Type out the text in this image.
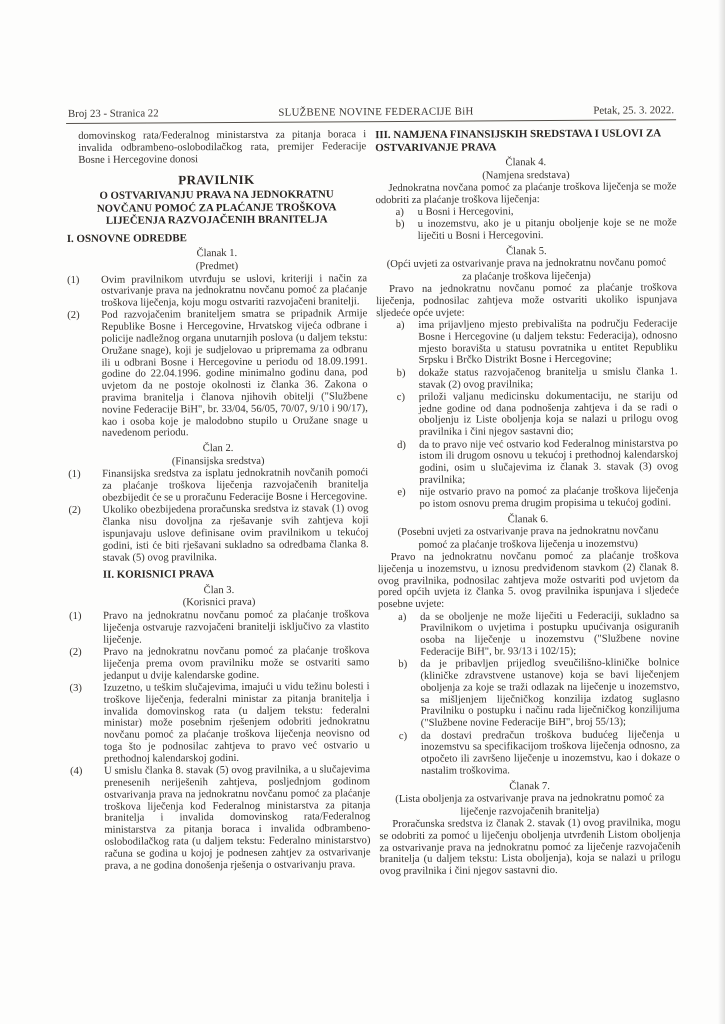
Broj 23 - Stranica 22	SLUŽBENE NOVINE FEDERACIJE BiH	Petak, 25. 3. 2022.
domovinskog rata/Federalnog ministarstva za pitanja boraca i invalida odbrambeno-oslobodilačkog rata, premijer Federacije Bosne i Hercegovine donosi
PRAVILNIK
O OSTVARIVANJU PRAVA NA JEDNOKRATNU NOVČANU POMOĆ ZA PLAĆANJE TROŠKOVA LIJEČENJA RAZVOJAČENIH BRANITELJA
I. OSNOVNE ODREDBE
Članak 1.
(Predmet)
(1)	Ovim pravilnikom utvrđuju se uslovi, kriteriji i način za ostvarivanje prava na jednokratnu novčanu pomoć za plaćanje troškova liječenja, koju mogu ostvariti razvojačeni branitelji.
(2)	Pod razvojačenim braniteljem smatra se pripadnik Armije Republike Bosne i Hercegovine, Hrvatskog vijeća odbrane i policije nadležnog organa unutarnjih poslova (u daljem tekstu: Oružane snage), koji je sudjelovao u pripremama za odbranu ili u odbrani Bosne i Hercegovine u periodu od 18.09.1991. godine do 22.04.1996. godine minimalno godinu dana, pod uvjetom da ne postoje okolnosti iz članka 36. Zakona o pravima branitelja i članova njihovih obitelji ("Službene novine Federacije BiH", br. 33/04, 56/05, 70/07, 9/10 i 90/17), kao i osoba koje je malodobno stupilo u Oružane snage u navedenom periodu.
Član 2.
(Finansijska sredstva)
(1)	Finansijska sredstva za isplatu jednokratnih novčanih pomoći za plaćanje troškova liječenja razvojačenih branitelja obezbijedit će se u proračunu Federacije Bosne i Hercegovine.
(2)	Ukoliko obezbijedena proračunska sredstva iz stavak (1) ovog članka nisu dovoljna za rješavanje svih zahtjeva koji ispunjavaju uslove definisane ovim pravilnikom u tekućoj godini, isti će biti rješavani sukladno sa odredbama članka 8. stavak (5) ovog pravilnika.
II. KORISNICI PRAVA
Član 3.
(Korisnici prava)
(1)	Pravo na jednokratnu novčanu pomoć za plaćanje troškova liječenja ostvaruje razvojačeni branitelji isključivo za vlastito liječenje.
(2)	Pravo na jednokratnu novčanu pomoć za plaćanje troškova liječenja prema ovom pravilniku može se ostvariti samo jedanput u dvije kalendarske godine.
(3)	Izuzetno, u teškim slučajevima, imajući u vidu težinu bolesti i troškove liječenja, federalni ministar za pitanja branitelja i invalida domovinskog rata (u daljem tekstu: federalni ministar) može posebnim rješenjem odobriti jednokratnu novčanu pomoć za plaćanje troškova liječenja neovisno od toga što je podnosilac zahtjeva to pravo već ostvario u prethodnoj kalendarskoj godini.
(4)	U smislu članka 8. stavak (5) ovog pravilnika, a u slučajevima prenesenih neriješenih zahtjeva, posljednjom godinom ostvarivanja prava na jednokratnu novčanu pomoć za plaćanje troškova liječenja kod Federalnog ministarstva za pitanja branitelja i invalida domovinskog rata/Federalnog ministarstva za pitanja boraca i invalida odbrambeno-oslobodilačkog rata (u daljem tekstu: Federalno ministarstvo) računa se godina u kojoj je podnesen zahtjev za ostvarivanje prava, a ne godina donošenja rješenja o ostvarivanju prava.
III. NAMJENA FINANSIJSKIH SREDSTAVA I USLOVI ZA OSTVARIVANJE PRAVA
Članak 4.
(Namjena sredstava)
Jednokratna novčana pomoć za plaćanje troškova liječenja se može odobriti za plaćanje troškova liječenja:
a)	u Bosni i Hercegovini,
b)	u inozemstvu, ako je u pitanju oboljenje koje se ne može liječiti u Bosni i Hercegovini.
Članak 5.
(Opći uvjeti za ostvarivanje prava na jednokratnu novčanu pomoć za plaćanje troškova liječenja)
Pravo na jednokratnu novčanu pomoć za plaćanje troškova liječenja, podnosilac zahtjeva može ostvariti ukoliko ispunjava sljedeće opće uvjete:
a)	ima prijavljeno mjesto prebivališta na području Federacije Bosne i Hercegovine (u daljem tekstu: Federacija), odnosno mjesto boravišta u statusu povratnika u entitet Republiku Srpsku i Brčko Distrikt Bosne i Hercegovine;
b)	dokaže status razvojačenog branitelja u smislu članka 1. stavak (2) ovog pravilnika;
c)	priloži valjanu medicinsku dokumentaciju, ne stariju od jedne godine od dana podnošenja zahtjeva i da se radi o oboljenju iz Liste oboljenja koja se nalazi u prilogu ovog pravilnika i čini njegov sastavni dio;
d)	da to pravo nije već ostvario kod Federalnog ministarstva po istom ili drugom osnovu u tekućoj i prethodnoj kalendarskoj godini, osim u slučajevima iz članak 3. stavak (3) ovog pravilnika;
e)	nije ostvario pravo na pomoć za plaćanje troškova liječenja po istom osnovu prema drugim propisima u tekućoj godini.
Članak 6.
(Posebni uvjeti za ostvarivanje prava na jednokratnu novčanu pomoć za plaćanje troškova liječenja u inozemstvu)
Pravo na jednokratnu novčanu pomoć za plaćanje troškova liječenja u inozemstvu, u iznosu predviđenom stavkom (2) članak 8. ovog pravilnika, podnosilac zahtjeva može ostvariti pod uvjetom da pored općih uvjeta iz članka 5. ovog pravilnika ispunjava i sljedeće posebne uvjete:
a)	da se oboljenje ne može liječiti u Federaciji, sukladno sa Pravilnikom o uvjetima i postupku upućivanja osiguranih osoba na liječenje u inozemstvu ("Službene novine Federacije BiH", br. 93/13 i 102/15);
b)	da je pribavljen prijedlog sveučilišno-kliničke bolnice (kliničke zdravstvene ustanove) koja se bavi liječenjem oboljenja za koje se traži odlazak na liječenje u inozemstvo, sa mišljenjem liječničkog konzilija izdatog suglasno Pravilniku o postupku i načinu rada liječničkog konzilijuma ("Službene novine Federacije BiH", broj 55/13);
c)	da dostavi predračun troškova budućeg liječenja u inozemstvu sa specifikacijom troškova liječenja odnosno, za otpočeto ili završeno liječenje u inozemstvu, kao i dokaze o nastalim troškovima.
Članak 7.
(Lista oboljenja za ostvarivanje prava na jednokratnu pomoć za liječenje razvojačenih branitelja)
Proračunska sredstva iz članak 2. stavak (1) ovog pravilnika, mogu se odobriti za pomoć u liječenju oboljenja utvrđenih Listom oboljenja za ostvarivanje prava na jednokratnu pomoć za liječenje razvojačenih branitelja (u daljem tekstu: Lista oboljenja), koja se nalazi u prilogu ovog pravilnika i čini njegov sastavni dio.
